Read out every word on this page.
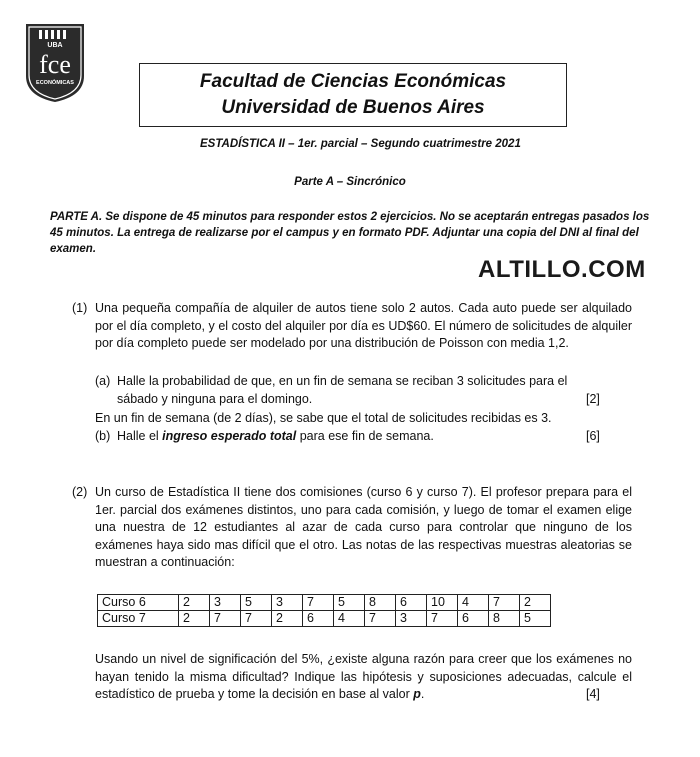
UBA
fce
ECONÓMICAS	Facultad de Ciencias Económicas
Universidad de Buenos Aires
ESTADÍSTICA II – 1er. parcial – Segundo cuatrimestre 2021
Parte A – Sincrónico
PARTE A. Se dispone de 45 minutos para responder estos 2 ejercicios. No se aceptarán entregas pasados los 45 minutos. La entrega de realizarse por el campus y en formato PDF. Adjuntar una copia del DNI al final del examen.
ALTILLO.COM
(1) Una pequeña compañía de alquiler de autos tiene solo 2 autos. Cada auto puede ser alquilado por el día completo, y el costo del alquiler por día es UD$60. El número de solicitudes de alquiler por día completo puede ser modelado por una distribución de Poisson con media 1,2.
(a) Halle la probabilidad de que, en un fin de semana se reciban 3 solicitudes para el sábado y ninguna para el domingo.	[2]
En un fin de semana (de 2 días), se sabe que el total de solicitudes recibidas es 3.
(b) Halle el ingreso esperado total para ese fin de semana.	[6]
(2) Un curso de Estadística II tiene dos comisiones (curso 6 y curso 7). El profesor prepara para el 1er. parcial dos exámenes distintos, uno para cada comisión, y luego de tomar el examen elige una nuestra de 12 estudiantes al azar de cada curso para controlar que ninguno de los exámenes haya sido mas difícil que el otro. Las notas de las respectivas muestras aleatorias se muestran a continuación:
Curso 6	2	3	5	3	7	5	8	6	10	4	7	2
Curso 7	2	7	7	2	6	4	7	3	7	6	8	5
Usando un nivel de significación del 5%, ¿existe alguna razón para creer que los exámenes no hayan tenido la misma dificultad? Indique las hipótesis y suposiciones adecuadas, calcule el estadístico de prueba y tome la decisión en base al valor p.	[4]
